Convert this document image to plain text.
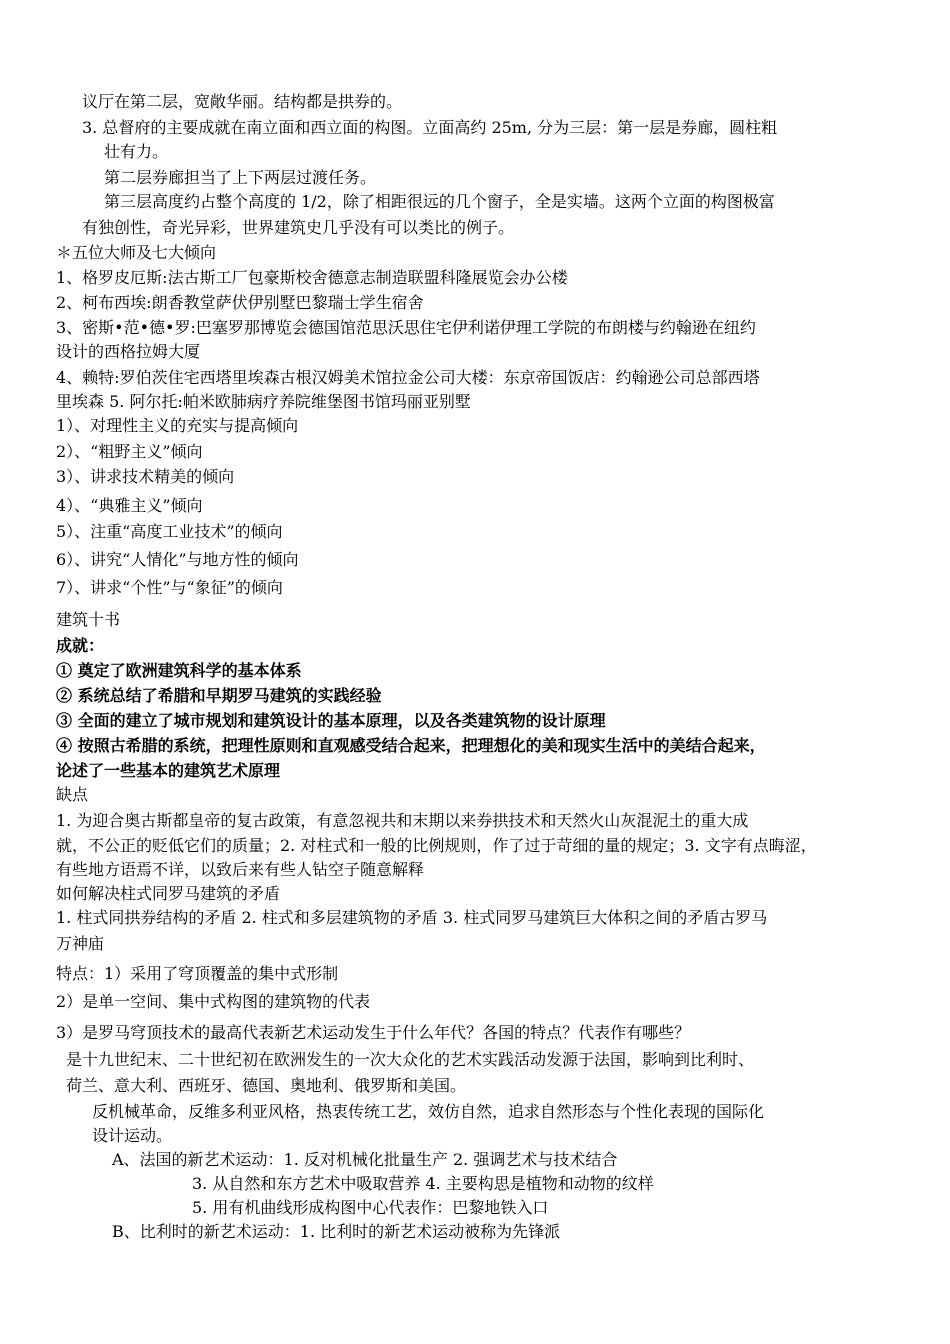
议厅在第二层，宽敞华丽。结构都是拱券的。
3. 总督府的主要成就在南立面和西立面的构图。立面高约 25m, 分为三层：第一层是券廊，圆柱粗
壮有力。
第二层券廊担当了上下两层过渡任务。
第三层高度约占整个高度的 1/2，除了相距很远的几个窗子，全是实墙。这两个立面的构图极富
有独创性，奇光异彩，世界建筑史几乎没有可以类比的例子。
＊五位大师及七大倾向
1、格罗皮厄斯:法古斯工厂包豪斯校舍德意志制造联盟科隆展览会办公楼
2、柯布西埃:朗香教堂萨伏伊别墅巴黎瑞士学生宿舍
3、密斯•范•德•罗:巴塞罗那博览会德国馆范思沃思住宅伊利诺伊理工学院的布朗楼与约翰逊在纽约
设计的西格拉姆大厦
4、赖特:罗伯茨住宅西塔里埃森古根汉姆美术馆拉金公司大楼：东京帝国饭店：约翰逊公司总部西塔
里埃森 5. 阿尔托:帕米欧肺病疗养院维堡图书馆玛丽亚别墅
1）、对理性主义的充实与提高倾向
2）、“粗野主义”倾向
3）、讲求技术精美的倾向
4）、“典雅主义”倾向
5）、注重“高度工业技术”的倾向
6）、讲究“人情化”与地方性的倾向
7）、讲求“个性”与“象征”的倾向
建筑十书
成就：
① 奠定了欧洲建筑科学的基本体系
② 系统总结了希腊和早期罗马建筑的实践经验
③ 全面的建立了城市规划和建筑设计的基本原理，以及各类建筑物的设计原理
④ 按照古希腊的系统，把理性原则和直观感受结合起来，把理想化的美和现实生活中的美结合起来，
论述了一些基本的建筑艺术原理
缺点
1. 为迎合奥古斯都皇帝的复古政策，有意忽视共和末期以来券拱技术和天然火山灰混泥土的重大成
就，不公正的贬低它们的质量；2. 对柱式和一般的比例规则，作了过于苛细的量的规定；3. 文字有点晦涩，
有些地方语焉不详，以致后来有些人钻空子随意解释
如何解决柱式同罗马建筑的矛盾
1. 柱式同拱券结构的矛盾 2. 柱式和多层建筑物的矛盾 3. 柱式同罗马建筑巨大体积之间的矛盾古罗马
万神庙
特点：1）采用了穹顶覆盖的集中式形制
2）是单一空间、集中式构图的建筑物的代表
3）是罗马穹顶技术的最高代表新艺术运动发生于什么年代？各国的特点？代表作有哪些？
是十九世纪末、二十世纪初在欧洲发生的一次大众化的艺术实践活动发源于法国，影响到比利时、
荷兰、意大利、西班牙、德国、奥地利、俄罗斯和美国。
反机械革命，反维多利亚风格，热衷传统工艺，效仿自然，追求自然形态与个性化表现的国际化
设计运动。
A、法国的新艺术运动：1. 反对机械化批量生产 2. 强调艺术与技术结合
3. 从自然和东方艺术中吸取营养 4. 主要构思是植物和动物的纹样
5. 用有机曲线形成构图中心代表作：巴黎地铁入口
B、比利时的新艺术运动：1. 比利时的新艺术运动被称为先锋派
